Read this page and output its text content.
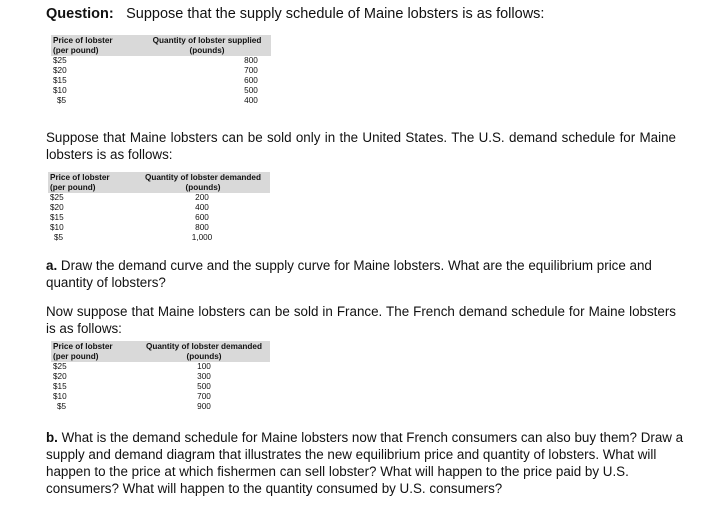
Question: Suppose that the supply schedule of Maine lobsters is as follows:
Price of lobster
(per pound)
Quantity of lobster supplied
(pounds)
$25
$20
$15
$10
$5
800
700
600
500
400
Suppose that Maine lobsters can be sold only in the United States. The U.S. demand schedule for Maine lobsters is as follows:
Price of lobster
(per pound)
Quantity of lobster demanded
(pounds)
$25
$20
$15
$10
$5
200
400
600
800
1,000
a. Draw the demand curve and the supply curve for Maine lobsters. What are the equilibrium price and quantity of lobsters?
Now suppose that Maine lobsters can be sold in France. The French demand schedule for Maine lobsters is as follows:
Price of lobster
(per pound)
Quantity of lobster demanded
(pounds)
$25
$20
$15
$10
$5
100
300
500
700
900
b. What is the demand schedule for Maine lobsters now that French consumers can also buy them? Draw a supply and demand diagram that illustrates the new equilibrium price and quantity of lobsters. What will happen to the price at which fishermen can sell lobster? What will happen to the price paid by U.S. consumers? What will happen to the quantity consumed by U.S. consumers?
